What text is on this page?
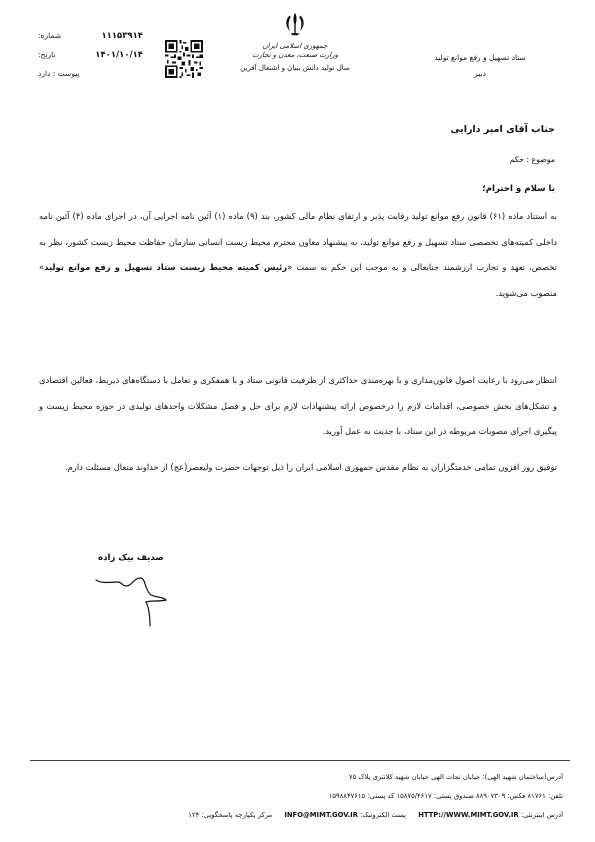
ستاد تسهیل و رفع موانع تولید
دبیر
جمهوری اسلامی ایران
وزارت صنعت، معدن و تجارت
سال تولید دانش بنیان و اشتغال آفرین
شماره:	۱۱۱۵۳۹۱۴
تاریخ:	۱۴۰۱/۱۰/۱۴
پیوست : دارد
جناب آقای امیر دارایی
موضوع : حکم
با سلام و احترام؛
به استناد ماده (۶۱) قانون رفع موانع تولید رقابت پذیر و ارتقای نظام مالی کشور، بند (۹) ماده (۱) آئین نامه اجرایی آن، در اجرای ماده (۴) آئین نامه داخلی کمیته‌های تخصصی ستاد تسهیل و رفع موانع تولید، به پیشنهاد معاون محترم محیط زیست انسانی سازمان حفاظت محیط زیست کشور، نظر به تخصص، تعهد و تجارب ارزشمند جنابعالی و به موجب این حکم به سمت «رئیس کمیته محیط زیست ستاد تسهیل و رفع موانع تولید» منصوب می‌شوید.
انتظار می‌رود با رعایت اصول قانون‌مداری و با بهره‌مندی حداکثری از ظرفیت قانونی ستاد و با همفکری و تعامل با دستگاه‌های ذیربط، فعالین اقتصادی و تشکل‌های بخش خصوصی، اقدامات لازم را درخصوص ارائه پیشنهادات لازم برای حل و فصل مشکلات واحدهای تولیدی در حوزه محیط زیست و پیگیری اجرای مصوبات مربوطه در این ستاد، با جدیت به عمل آورید.
توفیق روز افزون تمامی خدمتگزاران به نظام مقدس جمهوری اسلامی ایران را ذیل توجهات حضرت ولیعصر(عج) از خداوند متعال مسئلت دارم.
صدیف بیک زاده
آدرس(ساختمان شهید الهی): خیابان نجات الهی خیابان شهید کلانتری پلاک ۷۵
تلفن: ۸۱۷۶۱ فکس: ۸۸۹۰۷۳۰۹ صندوق پستی: ۱۵۸۷۵/۴۶۱۷ کد پستی: ۱۵۹۸۸۴۷۶۱۵
آدرس اینترنتی: HTTP://WWW.MIMT.GOV.IR پست الکترونیک: INFO@MIMT.GOV.IR مرکز یکپارچه پاسخگویی: ۱۲۴
